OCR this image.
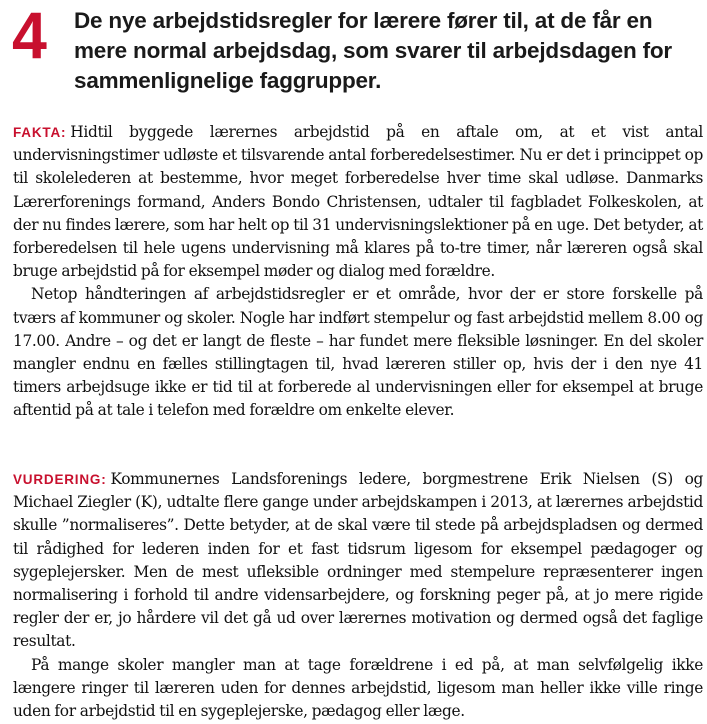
4 De nye arbejdstidsregler for lærere fører til, at de får en mere normal arbejdsdag, som svarer til arbejdsdagen for sammenlignelige faggrupper.

FAKTA: Hidtil byggede lærernes arbejdstid på en aftale om, at et vist antal undervisningstimer udløste et tilsvarende antal forberedelsestimer. Nu er det i princippet op til skolelederen at bestemme, hvor meget forberedelse hver time skal udløse. Danmarks Lærerforenings formand, Anders Bondo Christensen, udtaler til fagbladet Folkeskolen, at der nu findes lærere, som har helt op til 31 undervisningslektioner på en uge. Det betyder, at forberedelsen til hele ugens undervisning må klares på to-tre timer, når læreren også skal bruge arbejdstid på for eksempel møder og dialog med forældre.

Netop håndteringen af arbejdstidsregler er et område, hvor der er store forskelle på tværs af kommuner og skoler. Nogle har indført stempelur og fast arbejdstid mellem 8.00 og 17.00. Andre – og det er langt de fleste – har fundet mere fleksible løsninger. En del skoler mangler endnu en fælles stillingtagen til, hvad læreren stiller op, hvis der i den nye 41 timers arbejdsuge ikke er tid til at forberede al undervisningen eller for eksempel at bruge aftentid på at tale i telefon med forældre om enkelte elever.

VURDERING: Kommunernes Landsforenings ledere, borgmestrene Erik Nielsen (S) og Michael Ziegler (K), udtalte flere gange under arbejdskampen i 2013, at lærernes arbejdstid skulle ”normaliseres”. Dette betyder, at de skal være til stede på arbejdspladsen og dermed til rådighed for lederen inden for et fast tidsrum ligesom for eksempel pædagoger og sygeplejersker. Men de mest ufleksible ordninger med stempelure repræsenterer ingen normalisering i forhold til andre vidensarbejdere, og forskning peger på, at jo mere rigide regler der er, jo hårdere vil det gå ud over lærernes motivation og dermed også det faglige resultat.

På mange skoler mangler man at tage forældrene i ed på, at man selvfølgelig ikke længere ringer til læreren uden for dennes arbejdstid, ligesom man heller ikke ville ringe uden for arbejdstid til en sygeplejerske, pædagog eller læge.
